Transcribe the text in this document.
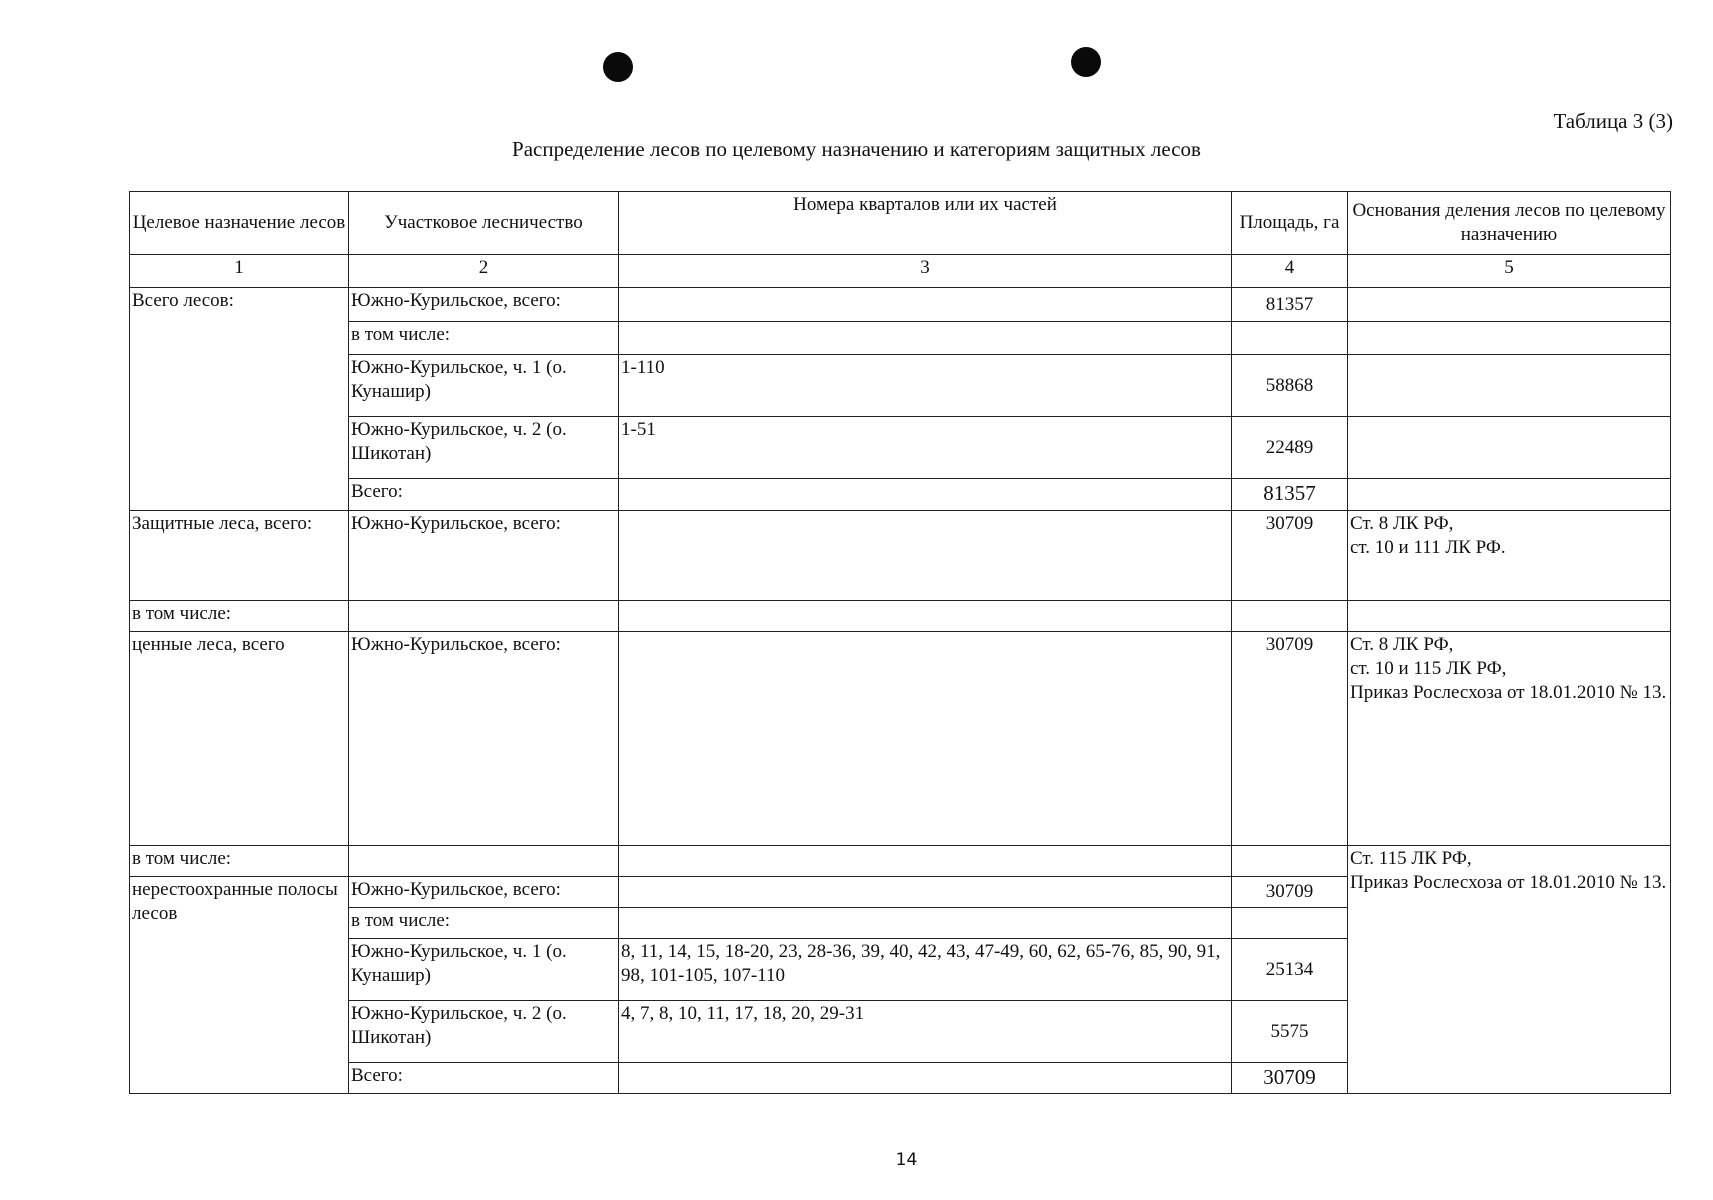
Таблица 3 (3)
Распределение лесов по целевому назначению и категориям защитных лесов
Целевое назначение лесов	Участковое лесничество	Номера кварталов или их частей	Площадь, га	Основания деления лесов по целевому назначению
1	2	3	4	5
Всего лесов:	Южно-Курильское, всего:		81357	
	в том числе:			
	Южно-Курильское, ч. 1 (о. Кунашир)	1-110	58868	
	Южно-Курильское, ч. 2 (о. Шикотан)	1-51	22489	
	Всего:		81357	
Защитные леса, всего:	Южно-Курильское, всего:		30709	Ст. 8 ЛК РФ,
ст. 10 и 111 ЛК РФ.

в том числе:				
ценные леса, всего	Южно-Курильское, всего:		30709	Ст. 8 ЛК РФ,
ст. 10 и 115 ЛК РФ,
Приказ Рослесхоза от 18.01.2010 № 13.

в том числе:				Ст. 115 ЛК РФ,
Приказ Рослесхоза от 18.01.2010 № 13.

нерестоохранные полосы лесов	Южно-Курильское, всего:		30709	
	в том числе:			
	Южно-Курильское, ч. 1 (о. Кунашир)	8, 11, 14, 15, 18-20, 23, 28-36, 39, 40, 42, 43, 47-49, 60, 62, 65-76, 85, 90, 91, 98, 101-105, 107-110	25134	
	Южно-Курильское, ч. 2 (о. Шикотан)	4, 7, 8, 10, 11, 17, 18, 20, 29-31	5575	
	Всего:		30709	
14
